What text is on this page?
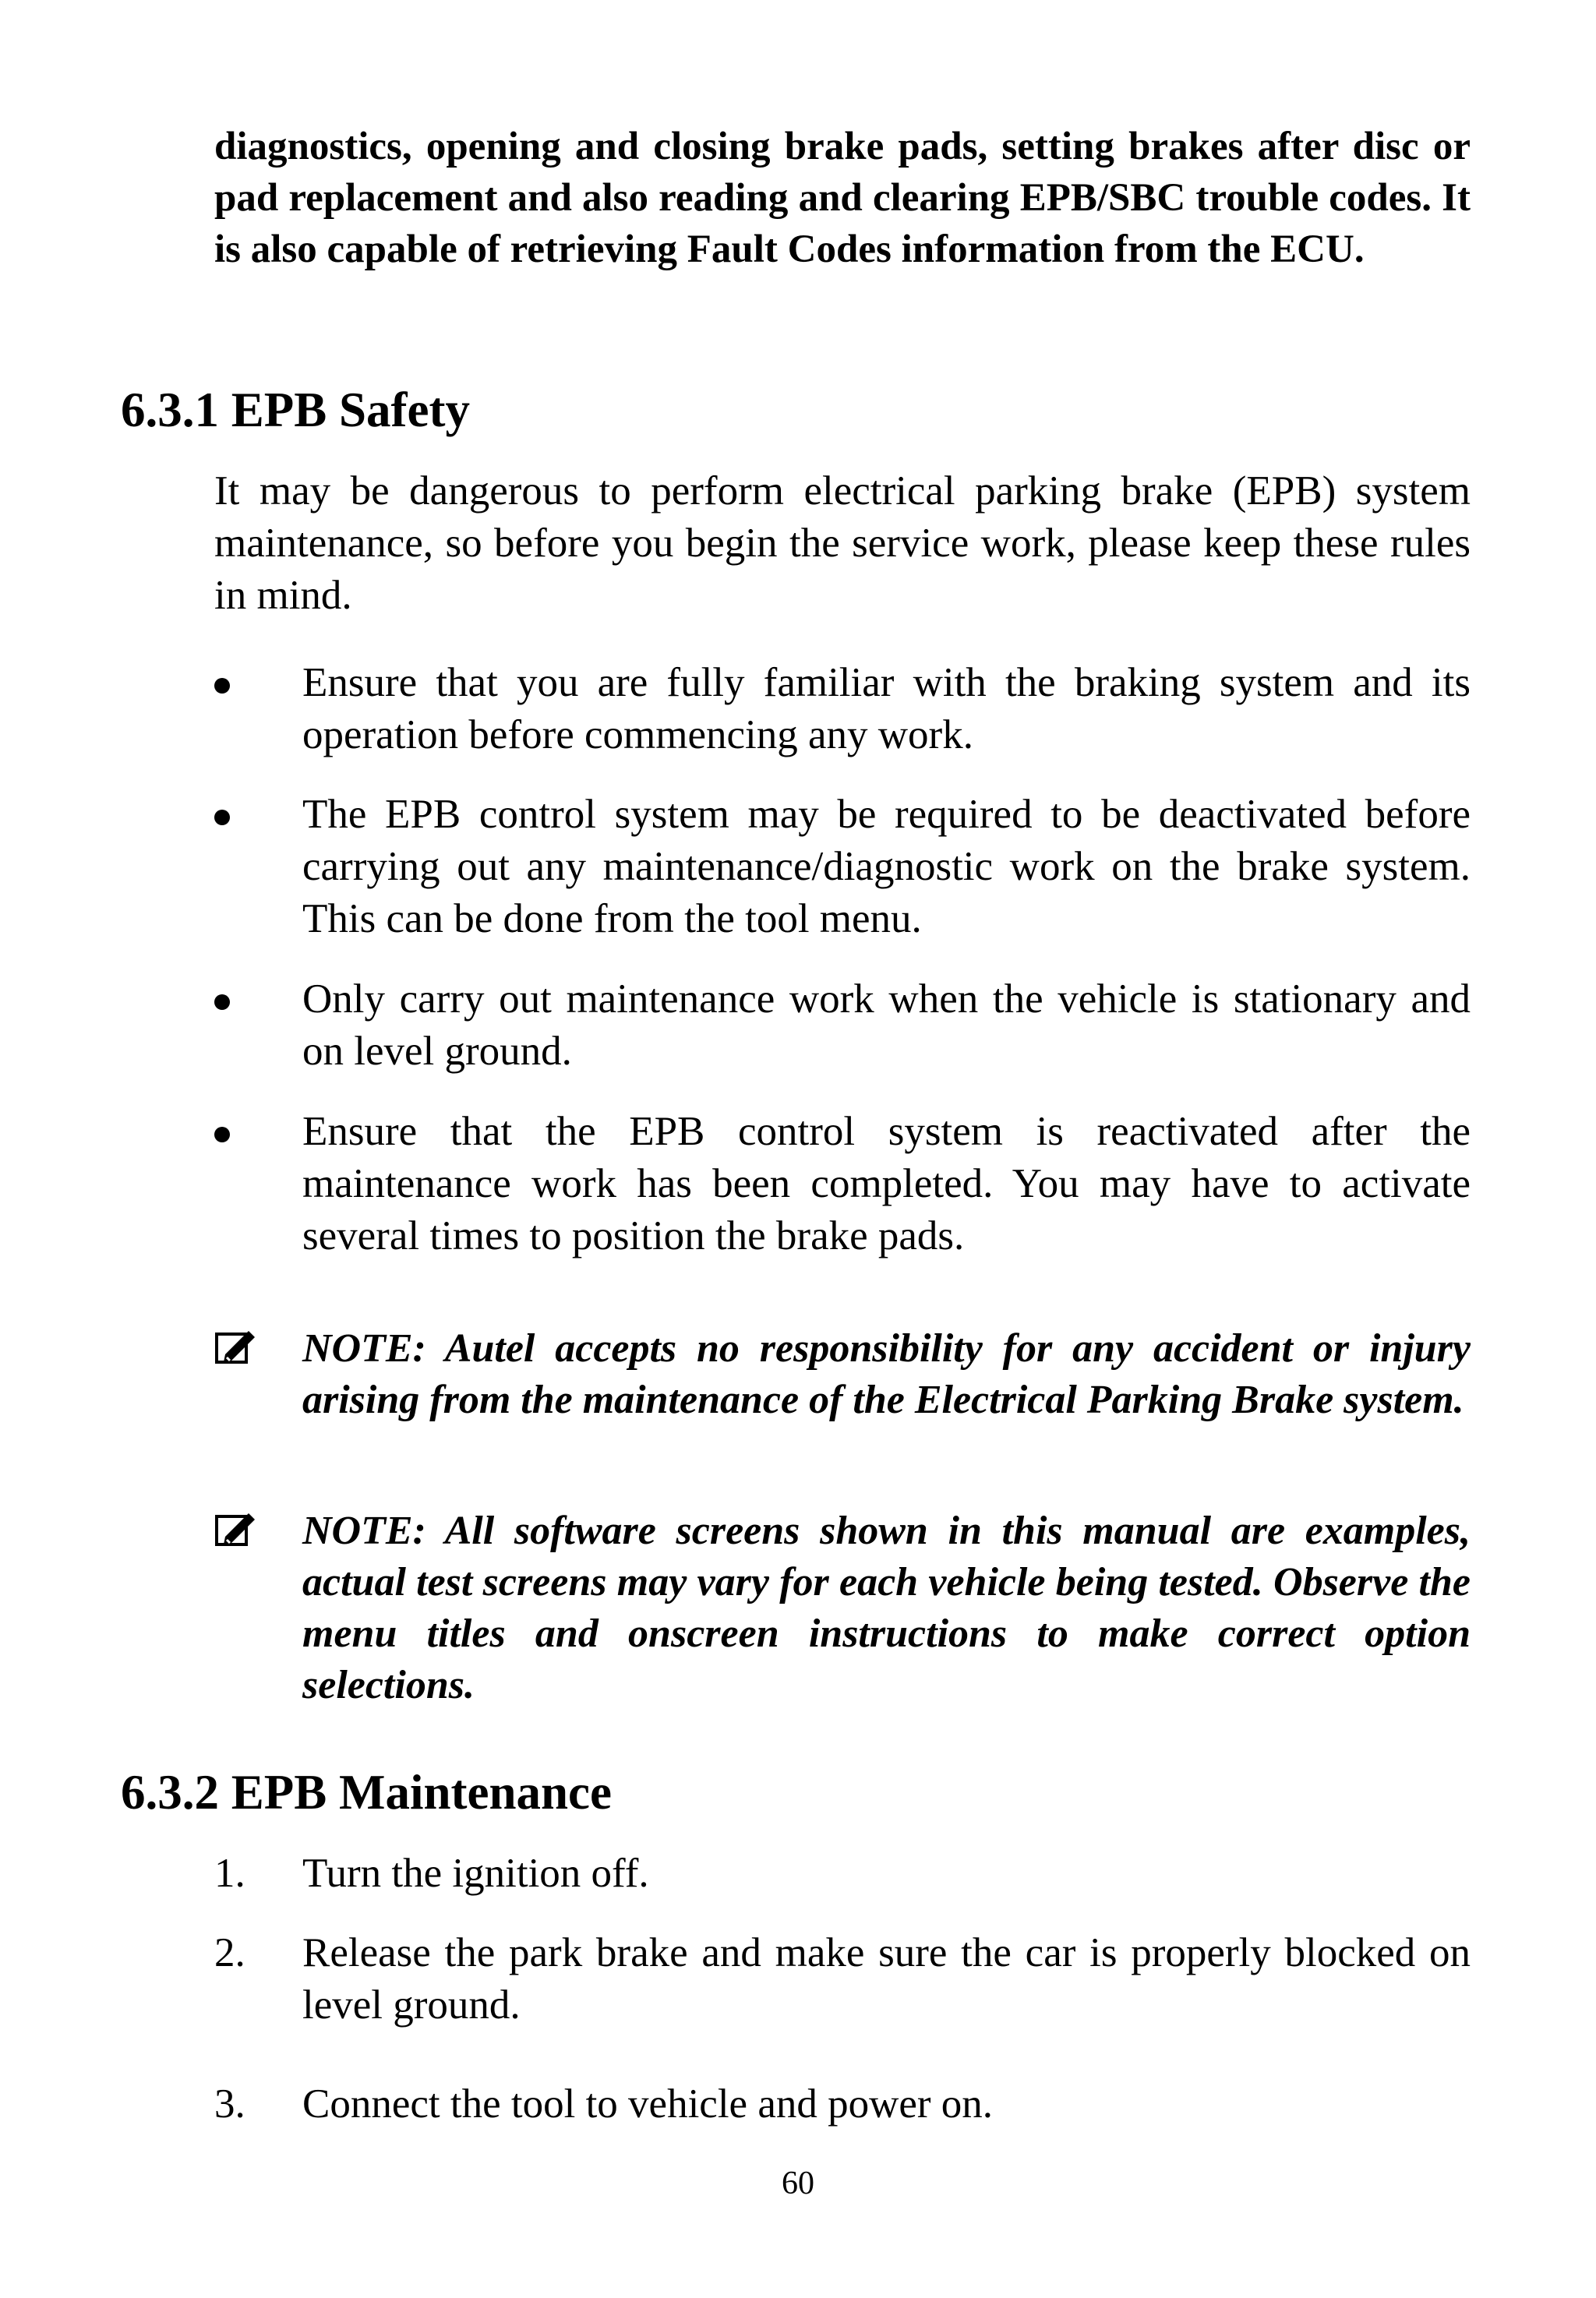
diagnostics, opening and closing brake pads, setting brakes after disc or pad replacement and also reading and clearing EPB/SBC trouble codes. It is also capable of retrieving Fault Codes information from the ECU.
6.3.1 EPB Safety
It may be dangerous to perform electrical parking brake (EPB) system maintenance, so before you begin the service work, please keep these rules in mind.
Ensure that you are fully familiar with the braking system and its operation before commencing any work.
The EPB control system may be required to be deactivated before carrying out any maintenance/diagnostic work on the brake system. This can be done from the tool menu.
Only carry out maintenance work when the vehicle is stationary and on level ground.
Ensure that the EPB control system is reactivated after the maintenance work has been completed. You may have to activate several times to position the brake pads.
NOTE: Autel accepts no responsibility for any accident or injury arising from the maintenance of the Electrical Parking Brake system.
NOTE: All software screens shown in this manual are examples, actual test screens may vary for each vehicle being tested. Observe the menu titles and onscreen instructions to make correct option selections.
6.3.2 EPB Maintenance
1. Turn the ignition off.
2. Release the park brake and make sure the car is properly blocked on level ground.
3. Connect the tool to vehicle and power on.
60
